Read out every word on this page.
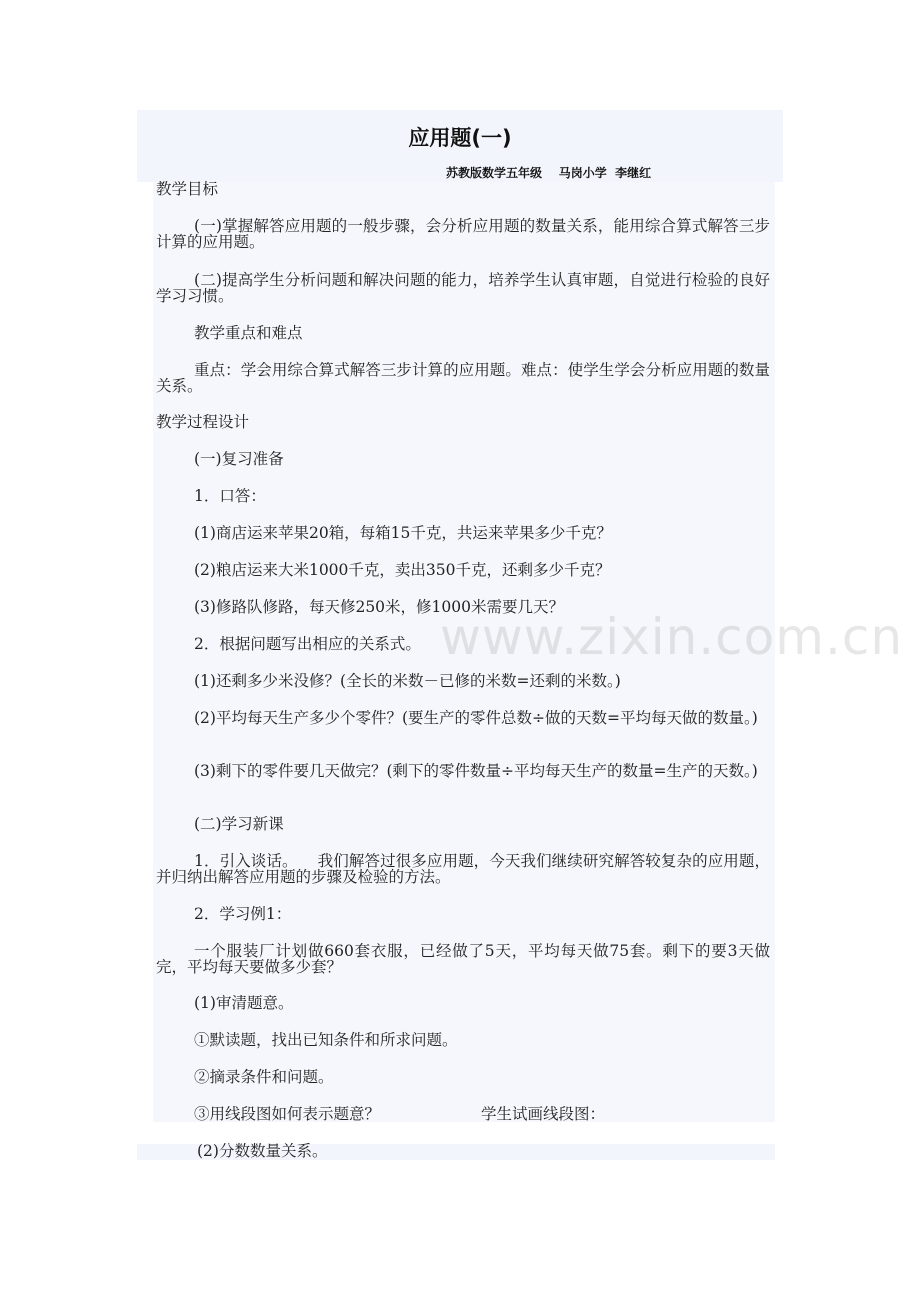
应用题(一)
苏教版数学五年级    马岗小学  李继红
教学目标
(一)掌握解答应用题的一般步骤，会分析应用题的数量关系，能用综合算式解答三步计算的应用题。
(二)提高学生分析问题和解决问题的能力，培养学生认真审题，自觉进行检验的良好学习习惯。
教学重点和难点
重点：学会用综合算式解答三步计算的应用题。难点：使学生学会分析应用题的数量关系。
教学过程设计
(一)复习准备
1．口答：
(1)商店运来苹果20箱，每箱15千克，共运来苹果多少千克？
(2)粮店运来大米1000千克，卖出350千克，还剩多少千克？
(3)修路队修路，每天修250米，修1000米需要几天？
2．根据问题写出相应的关系式。
(1)还剩多少米没修？(全长的米数－已修的米数=还剩的米数。)
(2)平均每天生产多少个零件？(要生产的零件总数÷做的天数=平均每天做的数量。)
(3)剩下的零件要几天做完？(剩下的零件数量÷平均每天生产的数量=生产的天数。)
(二)学习新课
1．引入谈话。    我们解答过很多应用题，今天我们继续研究解答较复杂的应用题，并归纳出解答应用题的步骤及检验的方法。
2．学习例1：
一个服装厂计划做660套衣服，已经做了5天，平均每天做75套。剩下的要3天做完，平均每天要做多少套？
(1)审清题意。
①默读题，找出已知条件和所求问题。
②摘录条件和问题。
③用线段图如何表示题意？	学生试画线段图：
(2)分数数量关系。
www.zixin.com.cn
